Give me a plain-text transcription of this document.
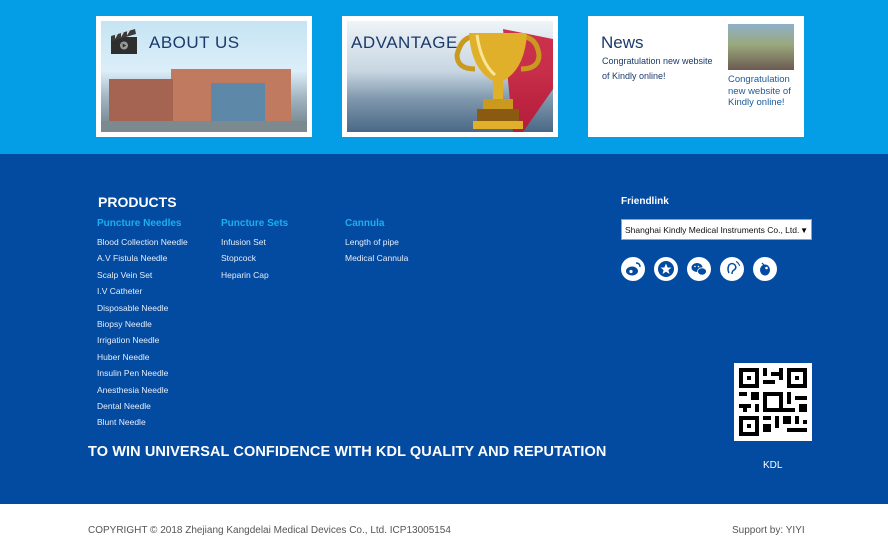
ABOUT US	ADVANTAGE	News
Congratulation new website of Kindly online!	Congratulation new website of Kindly online!
PRODUCTS
Puncture Needles
Blood Collection Needle
A.V Fistula Needle
Scalp Vein Set
I.V Catheter
Disposable Needle
Biopsy Needle
Irrigation Needle
Huber Needle
Insulin Pen Needle
Anesthesia Needle
Dental Needle
Blunt Needle
Puncture Sets
Infusion Set
Stopcock
Heparin Cap
Cannula
Length of pipe
Medical Cannula
Friendlink
Shanghai Kindly Medical Instruments Co., Ltd. ▼
TO WIN UNIVERSAL CONFIDENCE WITH KDL QUALITY AND REPUTATION
KDL
COPYRIGHT © 2018 Zhejiang Kangdelai Medical Devices Co., Ltd. ICP13005154	Support by: YIYI
